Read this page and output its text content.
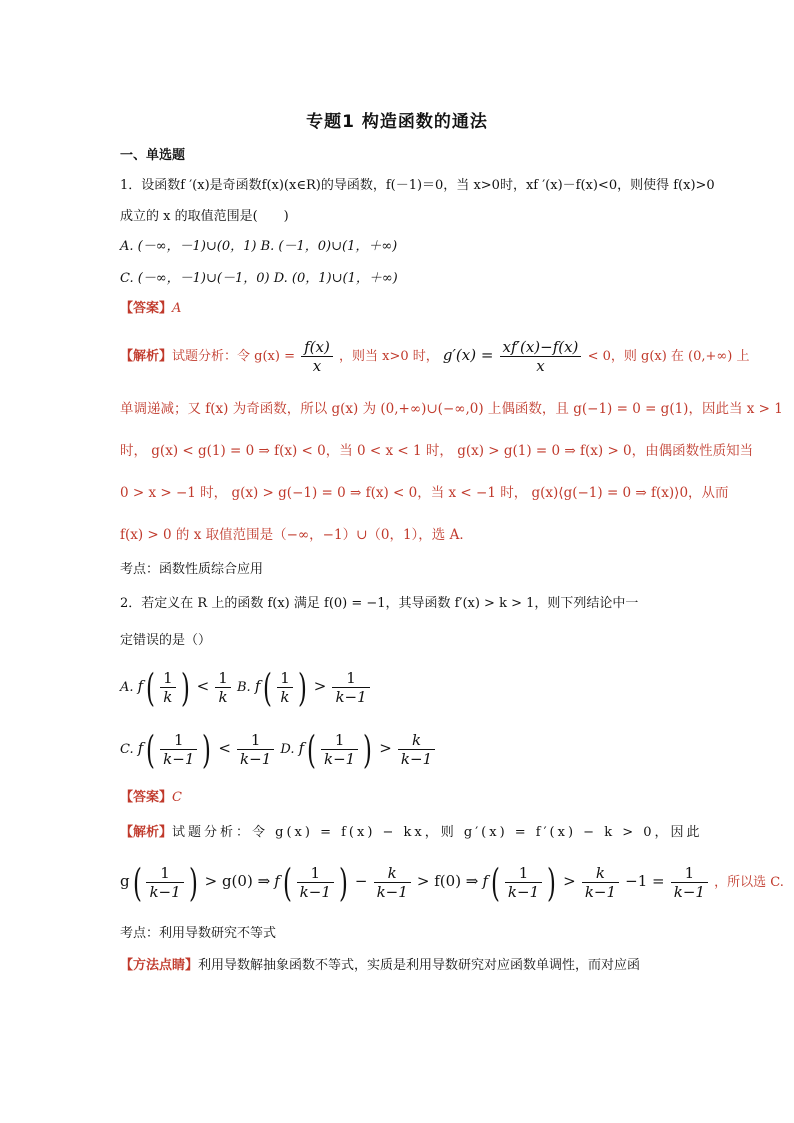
专题1 构造函数的通法
一、单选题
1．设函数f ′(x)是奇函数f(x)(x∈R)的导函数，f(－1)＝0，当 x>0时，xf ′(x)－f(x)<0，则使得 f(x)>0
成立的 x 的取值范围是(　　)
A. (－∞，－1)∪(0，1) B. (－1，0)∪(1，＋∞)
C. (－∞，－1)∪(－1，0) D. (0，1)∪(1，＋∞)
【答案】A
【解析】试题分析：令 $g(x) = \frac{f(x)}{x}$ ，则当 x>0 时， $g'(x) = \frac{xf'(x)-f(x)}{x} < 0$，则 g(x) 在 (0,+∞) 上
单调递减；又 f(x) 为奇函数，所以 g(x) 为 (0,+∞)∪(−∞,0) 上偶函数，且 g(−1) = 0 = g(1)，因此当 x > 1
时， g(x) < g(1) = 0 ⇒ f(x) < 0，当 0 < x < 1 时， g(x) > g(1) = 0 ⇒ f(x) > 0，由偶函数性质知当
0 > x > −1 时， g(x) > g(−1) = 0 ⇒ f(x) < 0，当 x < −1 时， g(x)⟨g(−1) = 0 ⇒ f(x)⟩0，从而
f(x) > 0 的 x 取值范围是（−∞，−1）∪（0，1），选 A．
考点：函数性质综合应用
2．若定义在 R 上的函数 f(x) 满足 f(0) = −1，其导函数 f′(x) > k > 1，则下列结论中一
定错误的是（）
A. $f( \frac{1}{k}$ ) < $\frac{1}{k} B$. $f( \frac{1}{k}$ ) > $\frac{1}{k-1}$
C. $f( \frac{1}{k-1}$ ) < $\frac{1}{k-1} D$. $f( \frac{1}{k-1}$ ) > $\frac{k}{k-1}$
【答案】C
【解析】试题分析：令 g(x) = f(x) − kx，则 g′(x) = f′(x) − k > 0，因此
$g( \frac{1}{k-1}$ ) > g(0) ⇒ $f( \frac{1}{k-1}$ ) − $\frac{k}{k-1} > f(0)$ ⇒ $f( \frac{1}{k-1}$ ) > $\frac{k}{k-1} -1 = \frac{1}{k-1}$ ，所以选 C.
考点：利用导数研究不等式
【方法点睛】利用导数解抽象函数不等式，实质是利用导数研究对应函数单调性，而对应函
